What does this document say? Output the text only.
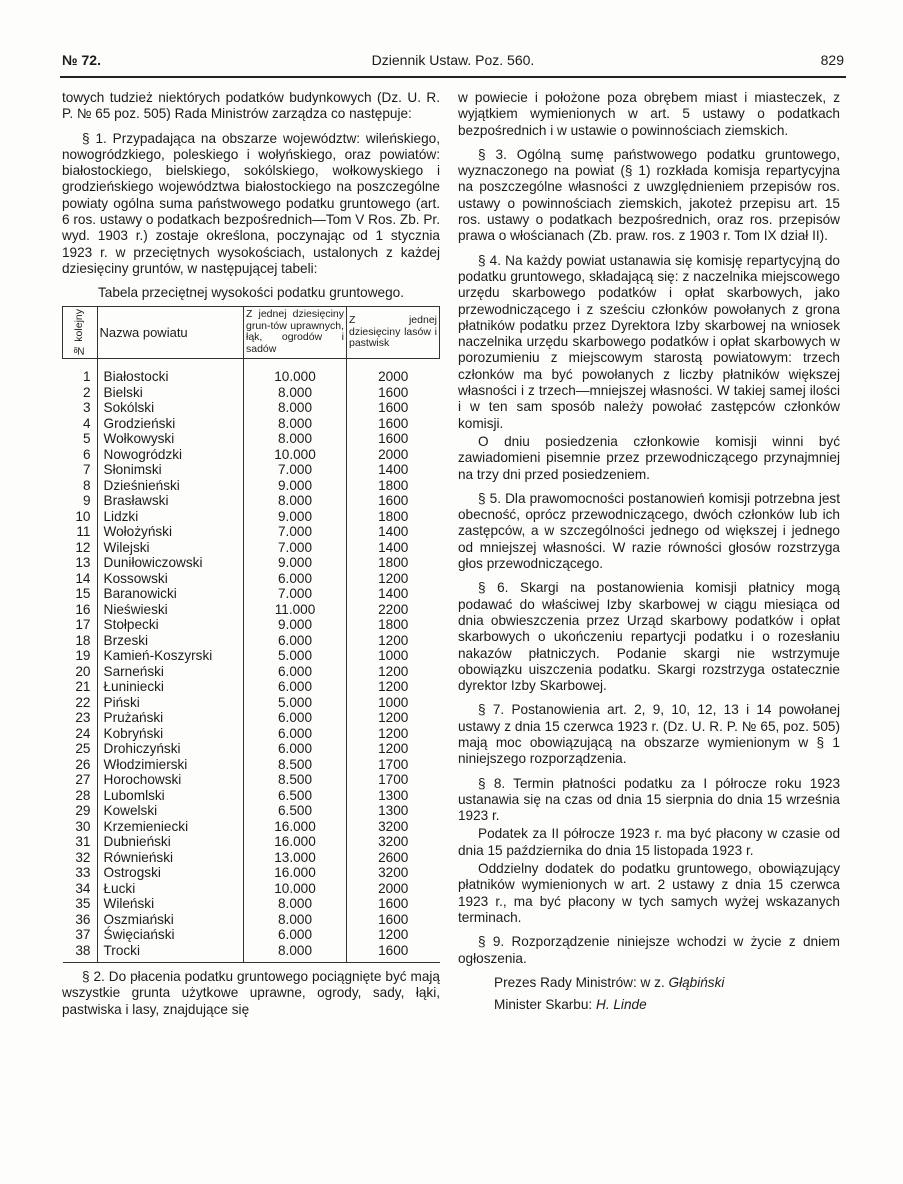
№ 72.	Dziennik Ustaw. Poz. 560.	829

towych tudzież niektórych podatków budynkowych (Dz. U. R. P. № 65 poz. 505) Rada Ministrów zarządza co następuje:

§ 1. Przypadająca na obszarze województw: wileńskiego, nowogródzkiego, poleskiego i wołyńskiego, oraz powiatów: białostockiego, bielskiego, sokólskiego, wołkowyskiego i grodzieńskiego województwa białostockiego na poszczególne powiaty ogólna suma państwowego podatku gruntowego (art. 6 ros. ustawy o podatkach bezpośrednich—Tom V Ros. Zb. Pr. wyd. 1903 r.) zostaje określona, poczynając od 1 stycznia 1923 r. w przeciętnych wysokościach, ustalonych z każdej dziesięciny gruntów, w następującej tabeli:

Tabela przeciętnej wysokości podatku gruntowego.
№ kolejny	Nazwa powiatu	Z jednej dziesięciny grun-tów uprawnych, łąk, ogrodów i sadów	Z jednej dziesięciny lasów i pastwisk

1	Białostocki	10.000	2000
2	Bielski	8.000	1600
3	Sokólski	8.000	1600
4	Grodzieński	8.000	1600
5	Wołkowyski	8.000	1600
6	Nowogródzki	10.000	2000
7	Słonimski	7.000	1400
8	Dzieśnieński	9.000	1800
9	Brasławski	8.000	1600
10	Lidzki	9.000	1800
11	Wołożyński	7.000	1400
12	Wilejski	7.000	1400
13	Duniłowiczowski	9.000	1800
14	Kossowski	6.000	1200
15	Baranowicki	7.000	1400
16	Nieświeski	11.000	2200
17	Stołpecki	9.000	1800
18	Brzeski	6.000	1200
19	Kamień-Koszyrski	5.000	1000
20	Sarneński	6.000	1200
21	Łuniniecki	6.000	1200
22	Piński	5.000	1000
23	Prużański	6.000	1200
24	Kobryński	6.000	1200
25	Drohiczyński	6.000	1200
26	Włodzimierski	8.500	1700
27	Horochowski	8.500	1700
28	Lubomlski	6.500	1300
29	Kowelski	6.500	1300
30	Krzemieniecki	16.000	3200
31	Dubnieński	16.000	3200
32	Równieński	13.000	2600
33	Ostrogski	16.000	3200
34	Łucki	10.000	2000
35	Wileński	8.000	1600
36	Oszmiański	8.000	1600
37	Święciański	6.000	1200
38	Trocki	8.000	1600

§ 2. Do płacenia podatku gruntowego pociągnięte być mają wszystkie grunta użytkowe uprawne, ogrody, sady, łąki, pastwiska i lasy, znajdujące się

w powiecie i położone poza obrębem miast i miasteczek, z wyjątkiem wymienionych w art. 5 ustawy o podatkach bezpośrednich i w ustawie o powinnościach ziemskich.

§ 3. Ogólną sumę państwowego podatku gruntowego, wyznaczonego na powiat (§ 1) rozkłada komisja repartycyjna na poszczególne własności z uwzględnieniem przepisów ros. ustawy o powinnościach ziemskich, jakoteż przepisu art. 15 ros. ustawy o podatkach bezpośrednich, oraz ros. przepisów prawa o włościanach (Zb. praw. ros. z 1903 r. Tom IX dział II).

§ 4. Na każdy powiat ustanawia się komisję repartycyjną do podatku gruntowego, składającą się: z naczelnika miejscowego urzędu skarbowego podatków i opłat skarbowych, jako przewodniczącego i z sześciu członków powołanych z grona płatników podatku przez Dyrektora Izby skarbowej na wniosek naczelnika urzędu skarbowego podatków i opłat skarbowych w porozumieniu z miejscowym starostą powiatowym: trzech członków ma być powołanych z liczby płatników większej własności i z trzech—mniejszej własności. W takiej samej ilości i w ten sam sposób należy powołać zastępców członków komisji.

O dniu posiedzenia członkowie komisji winni być zawiadomieni pisemnie przez przewodniczącego przynajmniej na trzy dni przed posiedzeniem.

§ 5. Dla prawomocności postanowień komisji potrzebna jest obecność, oprócz przewodniczącego, dwóch członków lub ich zastępców, a w szczególności jednego od większej i jednego od mniejszej własności. W razie równości głosów rozstrzyga głos przewodniczącego.

§ 6. Skargi na postanowienia komisji płatnicy mogą podawać do właściwej Izby skarbowej w ciągu miesiąca od dnia obwieszczenia przez Urząd skarbowy podatków i opłat skarbowych o ukończeniu repartycji podatku i o rozesłaniu nakazów płatniczych. Podanie skargi nie wstrzymuje obowiązku uiszczenia podatku. Skargi rozstrzyga ostatecznie dyrektor Izby Skarbowej.

§ 7. Postanowienia art. 2, 9, 10, 12, 13 i 14 powołanej ustawy z dnia 15 czerwca 1923 r. (Dz. U. R. P. № 65, poz. 505) mają moc obowiązującą na obszarze wymienionym w § 1 niniejszego rozporządzenia.

§ 8. Termin płatności podatku za I półrocze roku 1923 ustanawia się na czas od dnia 15 sierpnia do dnia 15 września 1923 r.

Podatek za II półrocze 1923 r. ma być płacony w czasie od dnia 15 października do dnia 15 listopada 1923 r.

Oddzielny dodatek do podatku gruntowego, obowiązujący płatników wymienionych w art. 2 ustawy z dnia 15 czerwca 1923 r., ma być płacony w tych samych wyżej wskazanych terminach.

§ 9. Rozporządzenie niniejsze wchodzi w życie z dniem ogłoszenia.

Prezes Rady Ministrów: w z. Głąbiński

Minister Skarbu: H. Linde
